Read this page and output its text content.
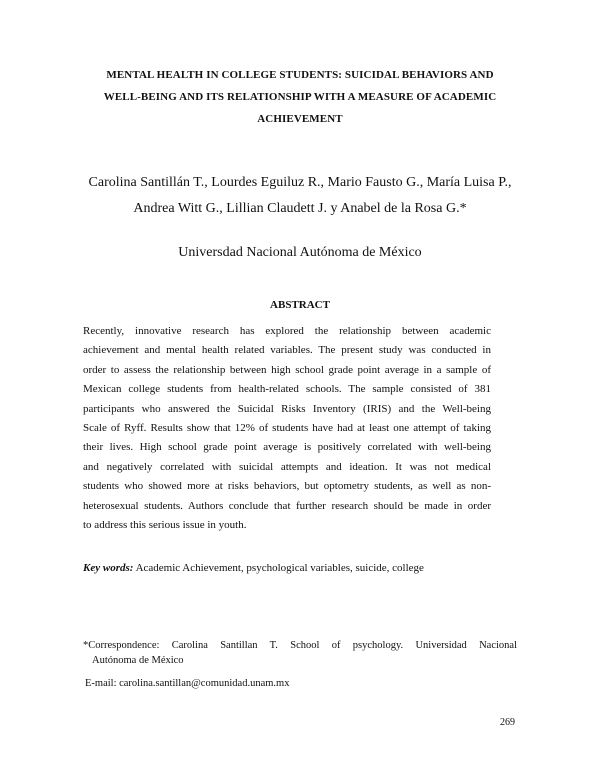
MENTAL HEALTH IN COLLEGE STUDENTS: SUICIDAL BEHAVIORS AND
WELL-BEING AND ITS RELATIONSHIP WITH A MEASURE OF ACADEMIC
ACHIEVEMENT
Carolina Santillán T., Lourdes Eguiluz R., Mario Fausto G., María Luisa P.,
Andrea Witt G., Lillian Claudett J. y Anabel de la Rosa G.*
Universdad Nacional Autónoma de México
ABSTRACT
Recently, innovative research has explored the relationship between academic
achievement and mental health related variables. The present study was conducted in
order to assess the relationship between high school grade point average in a sample of
Mexican college students from health-related schools. The sample consisted of 381
participants who answered the Suicidal Risks Inventory (IRIS) and the Well-being
Scale of Ryff. Results show that 12% of students have had at least one attempt of taking
their lives. High school grade point average is positively correlated with well-being
and negatively correlated with suicidal attempts and ideation. It was not medical
students who showed more at risks behaviors, but optometry students, as well as non-
heterosexual students. Authors conclude that further research should be made in order
to address this serious issue in youth.
Key words: Academic Achievement, psychological variables, suicide, college
*Correspondence: Carolina Santillan T. School of psychology. Universidad Nacional
Autónoma de México
E-mail: carolina.santillan@comunidad.unam.mx
269
